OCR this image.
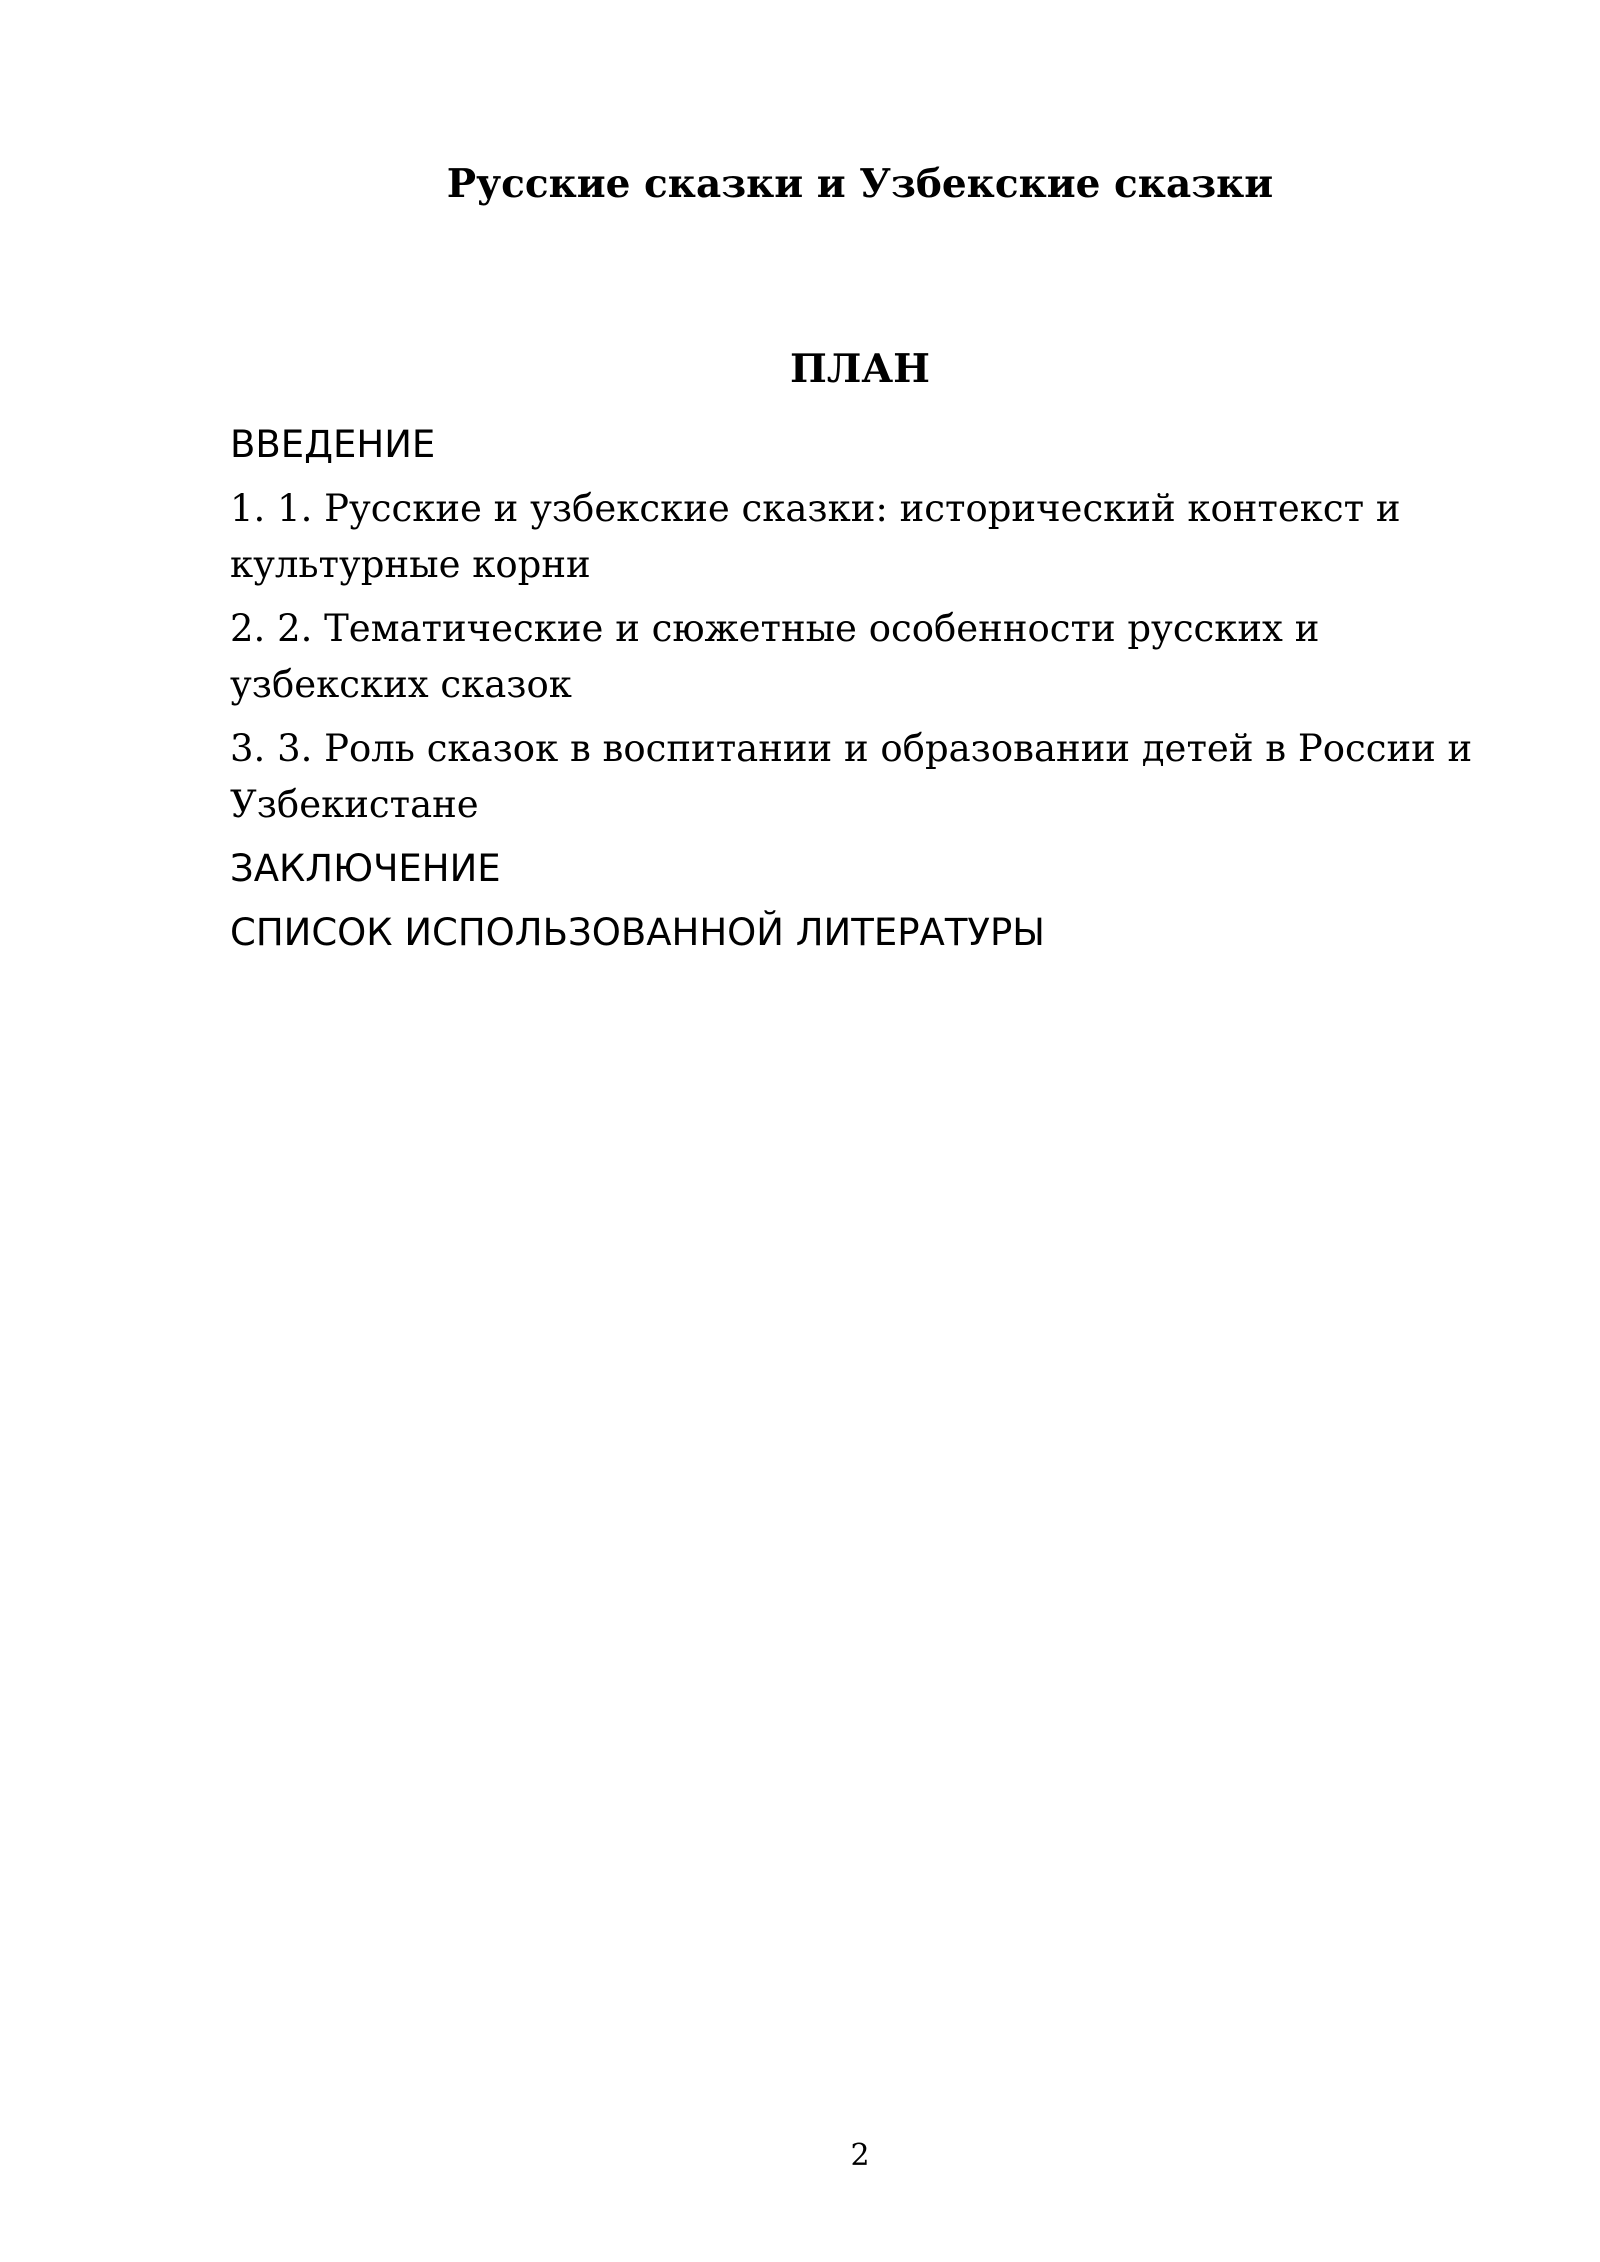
Русские сказки и Узбекские сказки
ПЛАН
ВВЕДЕНИЕ
1. 1. Русские и узбекские сказки: исторический контекст и культурные корни
2. 2. Тематические и сюжетные особенности русских и узбекских сказок
3. 3. Роль сказок в воспитании и образовании детей в России и Узбекистане
ЗАКЛЮЧЕНИЕ
СПИСОК ИСПОЛЬЗОВАННОЙ ЛИТЕРАТУРЫ
2
